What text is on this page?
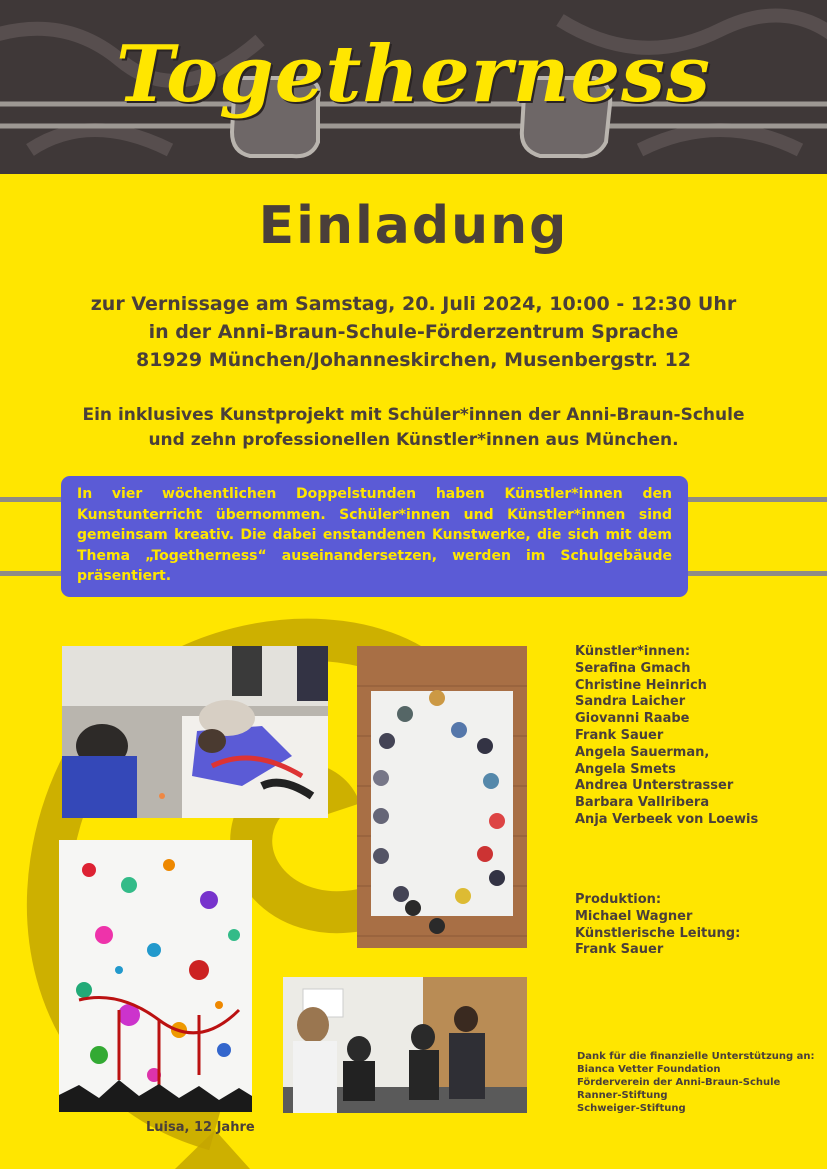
Togetherness
Einladung
zur Vernissage am Samstag, 20. Juli 2024, 10:00 - 12:30 Uhr
in der Anni-Braun-Schule-Förderzentrum Sprache
81929 München/Johanneskirchen, Musenbergstr. 12
Ein inklusives Kunstprojekt mit Schüler*innen der Anni-Braun-Schule
und zehn professionellen Künstler*innen aus München.
In vier wöchentlichen Doppelstunden haben Künstler*innen den Kunstunterricht übernommen. Schüler*innen und Künstler*innen sind gemeinsam kreativ. Die dabei enstandenen Kunstwerke, die sich mit dem Thema „Togetherness“ auseinandersetzen, werden im Schulgebäude präsentiert.
Luisa, 12 Jahre
Künstler*innen:
Serafina Gmach
Christine Heinrich
Sandra Laicher
Giovanni Raabe
Frank Sauer
Angela Sauerman,
Angela Smets
Andrea Unterstrasser
Barbara Vallribera
Anja Verbeek von Loewis
Produktion:
Michael Wagner
Künstlerische Leitung:
Frank Sauer
Dank für die finanzielle Unterstützung an:
Bianca Vetter Foundation
Förderverein der Anni-Braun-Schule
Ranner-Stiftung
Schweiger-Stiftung
